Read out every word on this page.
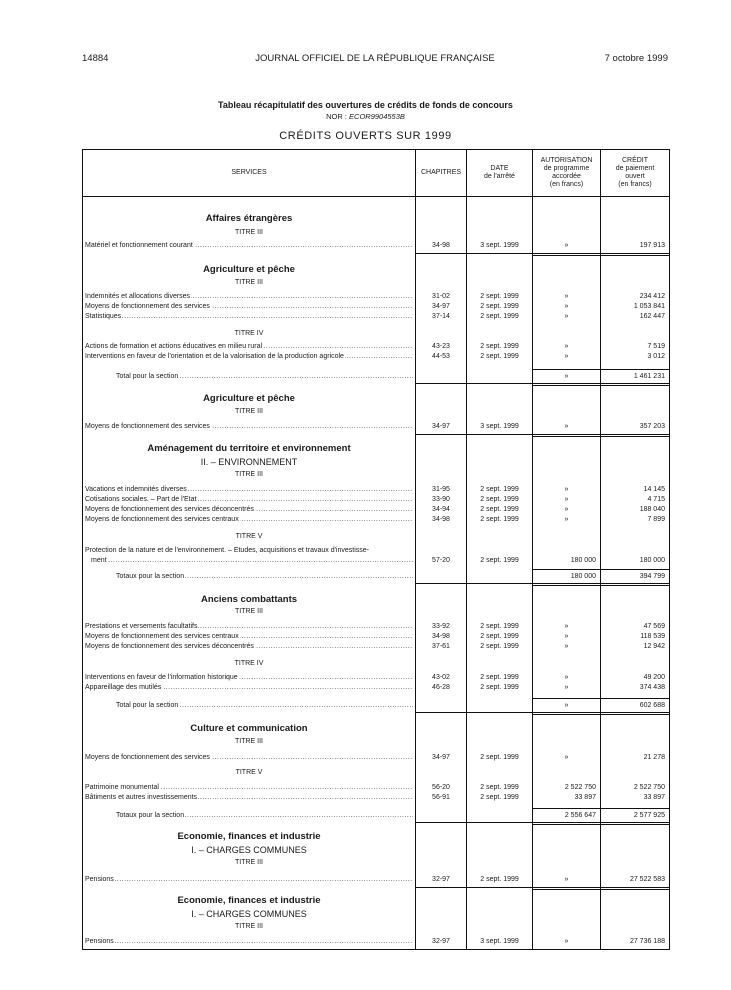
14884	JOURNAL OFFICIEL DE LA RÉPUBLIQUE FRANÇAISE	7 octobre 1999
Tableau récapitulatif des ouvertures de crédits de fonds de concours
NOR : ECOR9904553B
CRÉDITS OUVERTS SUR 1999
SERVICES	CHAPITRES
DATE
de l'arrêté
AUTORISATION
de programme
accordée
(en francs)
CRÉDIT
de paiement
ouvert
(en francs)
Affaires étrangères
TITRE III
Matériel et fonctionnement courant .....	34-98	3 sept. 1999	»	197 913
Agriculture et pêche
TITRE III
Indemnités et allocations diverses .....	31-02	2 sept. 1999	»	234 412
Moyens de fonctionnement des services .....	34-97	2 sept. 1999	»	1 053 841
Statistiques .....	37-14	2 sept. 1999	»	162 447
TITRE IV
Actions de formation et actions éducatives en milieu rural .....	43-23	2 sept. 1999	»	7 519
Interventions en faveur de l'orientation et de la valorisation de la production agricole .....	44-53	2 sept. 1999	»	3 012
Total pour la section .....	»	1 461 231
Agriculture et pêche
TITRE III
Moyens de fonctionnement des services .....	34-97	3 sept. 1999	»	357 203
Aménagement du territoire et environnement
II. – ENVIRONNEMENT
TITRE III
Vacations et indemnités diverses .....	31-95	2 sept. 1999	»	14 145
Cotisations sociales. – Part de l'Etat .....	33-90	2 sept. 1999	»	4 715
Moyens de fonctionnement des services déconcentrés .....	34-94	2 sept. 1999	»	188 040
Moyens de fonctionnement des services centraux .....	34-98	2 sept. 1999	»	7 899
TITRE V
Protection de la nature et de l'environnement. – Etudes, acquisitions et travaux d'investisse-
ment .....	57-20	2 sept. 1999	180 000	180 000
Totaux pour la section .....	180 000	394 799
Anciens combattants
TITRE III
Prestations et versements facultatifs .....	33-92	2 sept. 1999	»	47 569
Moyens de fonctionnement des services centraux .....	34-98	2 sept. 1999	»	118 539
Moyens de fonctionnement des services déconcentrés .....	37-61	2 sept. 1999	»	12 942
TITRE IV
Interventions en faveur de l'information historique .....	43-02	2 sept. 1999	»	49 200
Appareillage des mutilés .....	46-28	2 sept. 1999	»	374 438
Total pour la section .....	»	602 688
Culture et communication
TITRE III
Moyens de fonctionnement des services .....	34-97	2 sept. 1999	»	21 278
TITRE V
Patrimoine monumental .....	56-20	2 sept. 1999	2 522 750	2 522 750
Bâtiments et autres investissements .....	56-91	2 sept. 1999	33 897	33 897
Totaux pour la section .....	2 556 647	2 577 925
Economie, finances et industrie
I. – CHARGES COMMUNES
TITRE III
Pensions .....	32-97	2 sept. 1999	»	27 522 583
Economie, finances et industrie
I. – CHARGES COMMUNES
TITRE III
Pensions .....	32-97	3 sept. 1999	»	27 736 188
